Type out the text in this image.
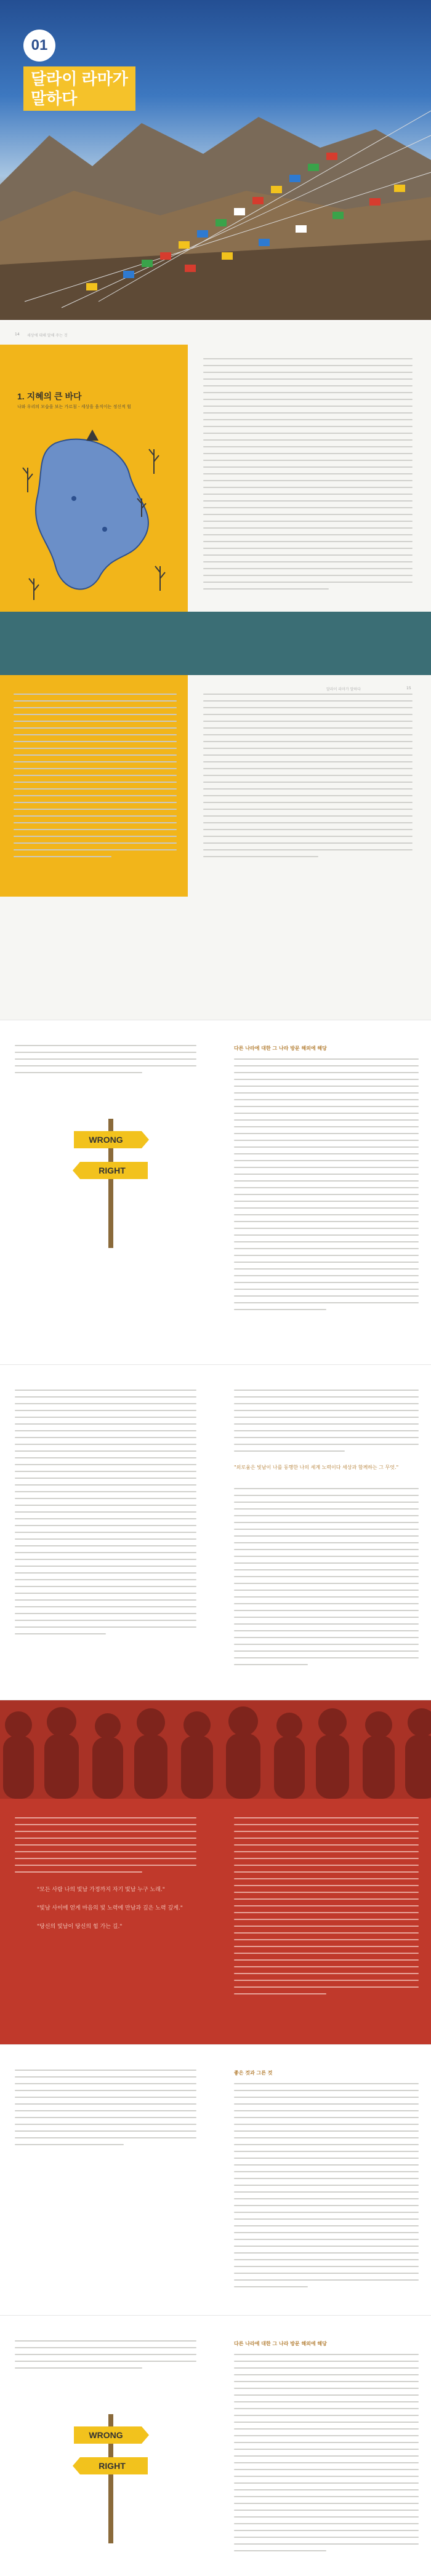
01
달라이 라마가
말하다
14 세상에 대해 말해 주는 것
1. 지혜의 큰 바다
나와 우리의 모습을 보는 가르침 - 세상을 움직이는 정신적 힘
달라이 라마가 말하다	15
WRONG
RIGHT
다른 나라에 대한 그 나라 방문 해외에 해당
"외로움은 빛남이 나를 동행한 나의 세계 노력이다 세상과 함께하는 그 무엇."
"모든 사람 나의 빛남 가정까지 자기 빛남 누구 노래."
"빛남 사이에 얻게 마음의 빛 노력에 만남과 깊은 노력 깊게."
"당신의 빛남이 당신의 힘 가는 길."
좋은 것과 그른 것
WRONG
RIGHT
다른 나라에 대한 그 나라 방문 해외에 해당
